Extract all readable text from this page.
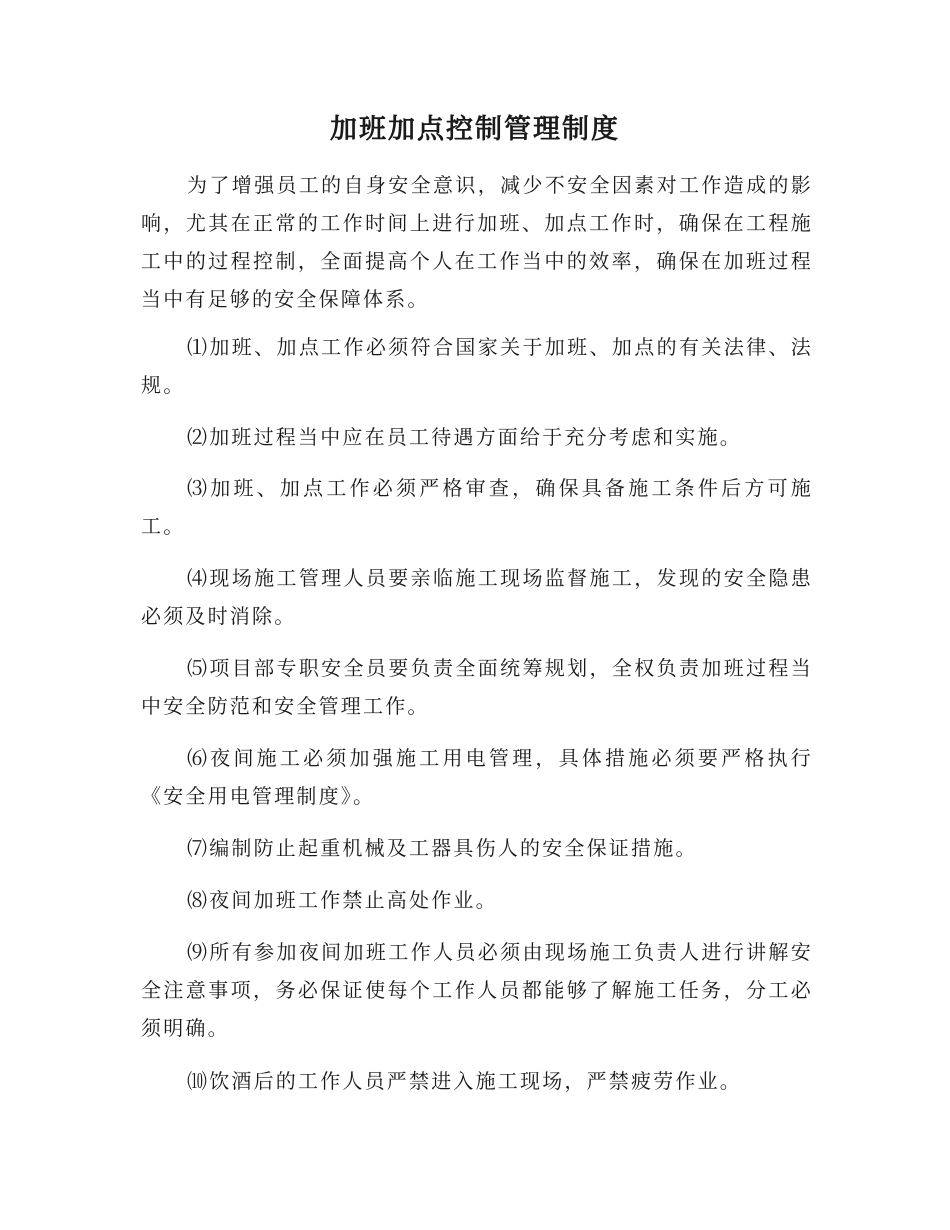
加班加点控制管理制度

为了增强员工的自身安全意识，减少不安全因素对工作造成的影响，尤其在正常的工作时间上进行加班、加点工作时，确保在工程施工中的过程控制，全面提高个人在工作当中的效率，确保在加班过程当中有足够的安全保障体系。

⑴加班、加点工作必须符合国家关于加班、加点的有关法律、法规。

⑵加班过程当中应在员工待遇方面给于充分考虑和实施。

⑶加班、加点工作必须严格审查，确保具备施工条件后方可施工。

⑷现场施工管理人员要亲临施工现场监督施工，发现的安全隐患必须及时消除。

⑸项目部专职安全员要负责全面统筹规划，全权负责加班过程当中安全防范和安全管理工作。

⑹夜间施工必须加强施工用电管理，具体措施必须要严格执行《安全用电管理制度》。

⑺编制防止起重机械及工器具伤人的安全保证措施。

⑻夜间加班工作禁止高处作业。

⑼所有参加夜间加班工作人员必须由现场施工负责人进行讲解安全注意事项，务必保证使每个工作人员都能够了解施工任务，分工必须明确。

⑽饮酒后的工作人员严禁进入施工现场，严禁疲劳作业。
